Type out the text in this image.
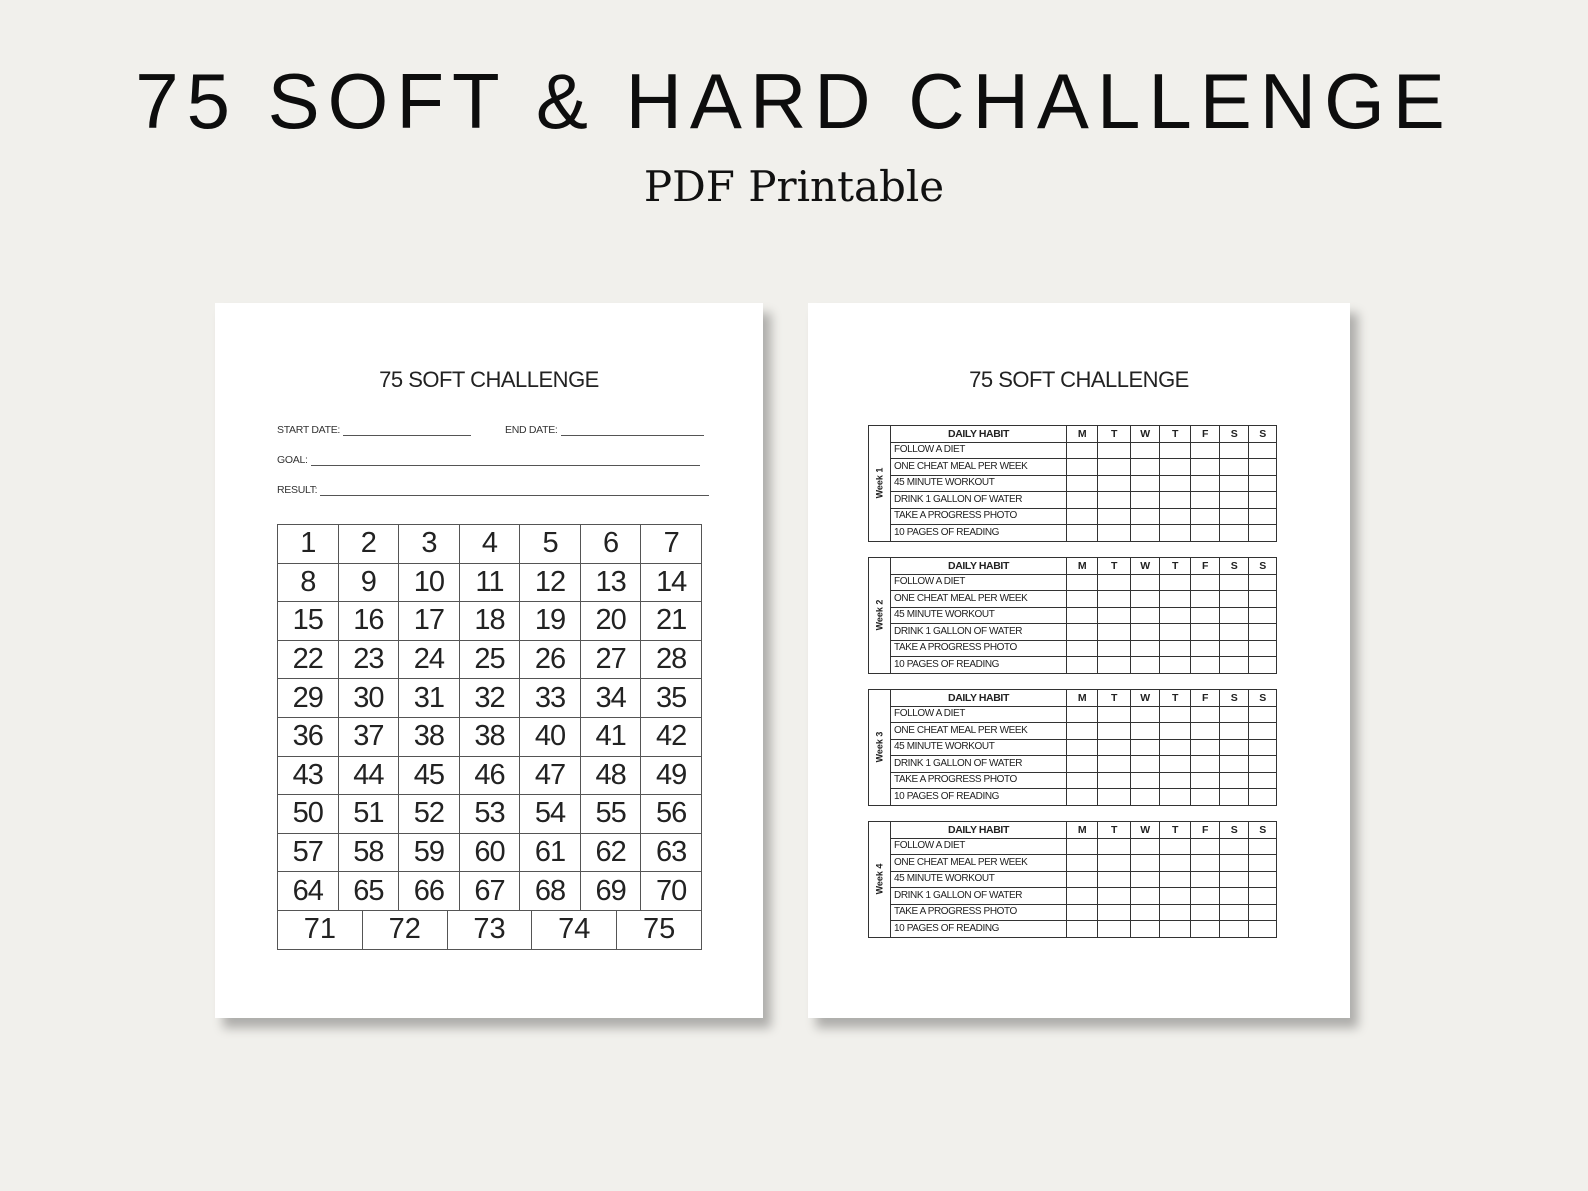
75 SOFT & HARD CHALLENGE
PDF Printable
75 SOFT CHALLENGE
START DATE:	END DATE:
GOAL:
RESULT:
1	2	3	4	5	6	7
8	9	10	11	12	13	14
15	16	17	18	19	20	21
22	23	24	25	26	27	28
29	30	31	32	33	34	35
36	37	38	38	40	41	42
43	44	45	46	47	48	49
50	51	52	53	54	55	56
57	58	59	60	61	62	63
64	65	66	67	68	69	70
71	72	73	74	75
75 SOFT CHALLENGE
Week 1	DAILY HABIT	M	T	W	T	F	S	S
	FOLLOW A DIET							
	ONE CHEAT MEAL PER WEEK							
	45 MINUTE WORKOUT							
	DRINK 1 GALLON OF WATER							
	TAKE A PROGRESS PHOTO							
	10 PAGES OF READING							
Week 2	DAILY HABIT	M	T	W	T	F	S	S
	FOLLOW A DIET							
	ONE CHEAT MEAL PER WEEK							
	45 MINUTE WORKOUT							
	DRINK 1 GALLON OF WATER							
	TAKE A PROGRESS PHOTO							
	10 PAGES OF READING							
Week 3	DAILY HABIT	M	T	W	T	F	S	S
	FOLLOW A DIET							
	ONE CHEAT MEAL PER WEEK							
	45 MINUTE WORKOUT							
	DRINK 1 GALLON OF WATER							
	TAKE A PROGRESS PHOTO							
	10 PAGES OF READING							
Week 4	DAILY HABIT	M	T	W	T	F	S	S
	FOLLOW A DIET							
	ONE CHEAT MEAL PER WEEK							
	45 MINUTE WORKOUT							
	DRINK 1 GALLON OF WATER							
	TAKE A PROGRESS PHOTO							
	10 PAGES OF READING							
